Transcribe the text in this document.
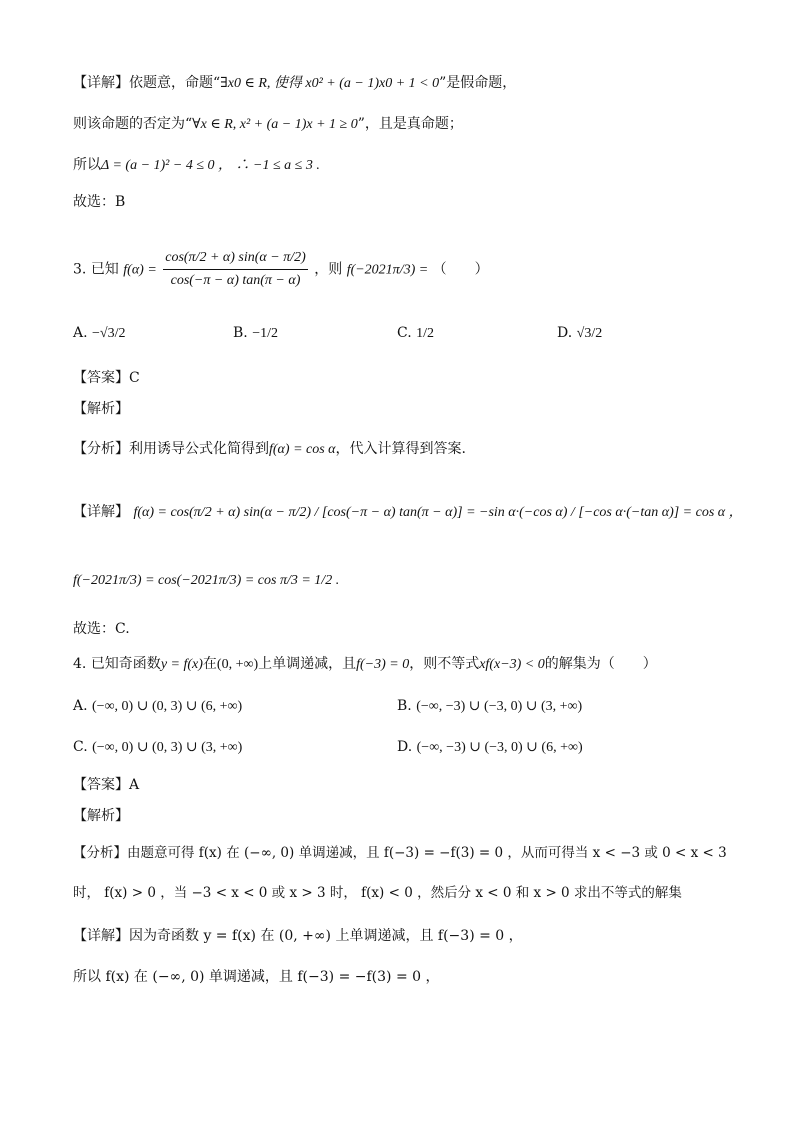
【详解】依题意，命题“∃x0 ∈ R, 使得 x0² + (a − 1)x0 + 1 < 0”是假命题，
则该命题的否定为“∀x ∈ R, x² + (a − 1)x + 1 ≥ 0”，且是真命题；
所以Δ = (a − 1)² − 4 ≤ 0 ， ∴ −1 ≤ a ≤ 3 .
故选：B
3. 已知 $f(\alpha) = \frac{\cos(\pi/2 + \alpha) \sin(\alpha - \pi/2)}{\cos(-\pi - \alpha) \tan(\pi - \alpha)}$ ，则 f(−2021π/3) = （　　）
A. −√3/2	B. −1/2	C. 1/2	D. √3/2
【答案】C
【解析】
【分析】利用诱导公式化简得到f(α) = cos α，代入计算得到答案.
【详解】 f(α) = cos(π/2 + α) sin(α − π/2) / [cos(−π − α) tan(π − α)] = −sin α·(−cos α) / [−cos α·(−tan α)] = cos α ，
f(−2021π/3) = cos(−2021π/3) = cos π/3 = 1/2 .
故选：C.
4. 已知奇函数y = f(x)在(0, +∞)上单调递减，且f(−3) = 0，则不等式xf(x−3) < 0的解集为（　　）
A. (−∞, 0) ∪ (0, 3) ∪ (6, +∞)	B. (−∞, −3) ∪ (−3, 0) ∪ (3, +∞)
C. (−∞, 0) ∪ (0, 3) ∪ (3, +∞)	D. (−∞, −3) ∪ (−3, 0) ∪ (6, +∞)
【答案】A
【解析】
【分析】由题意可得 f(x) 在 (−∞, 0) 单调递减，且 f(−3) = −f(3) = 0 ，从而可得当 x < −3 或 0 < x < 3
时， f(x) > 0 ，当 −3 < x < 0 或 x > 3 时， f(x) < 0 ，然后分 x < 0 和 x > 0 求出不等式的解集
【详解】因为奇函数 y = f(x) 在 (0, +∞) 上单调递减，且 f(−3) = 0 ，
所以 f(x) 在 (−∞, 0) 单调递减，且 f(−3) = −f(3) = 0 ，
